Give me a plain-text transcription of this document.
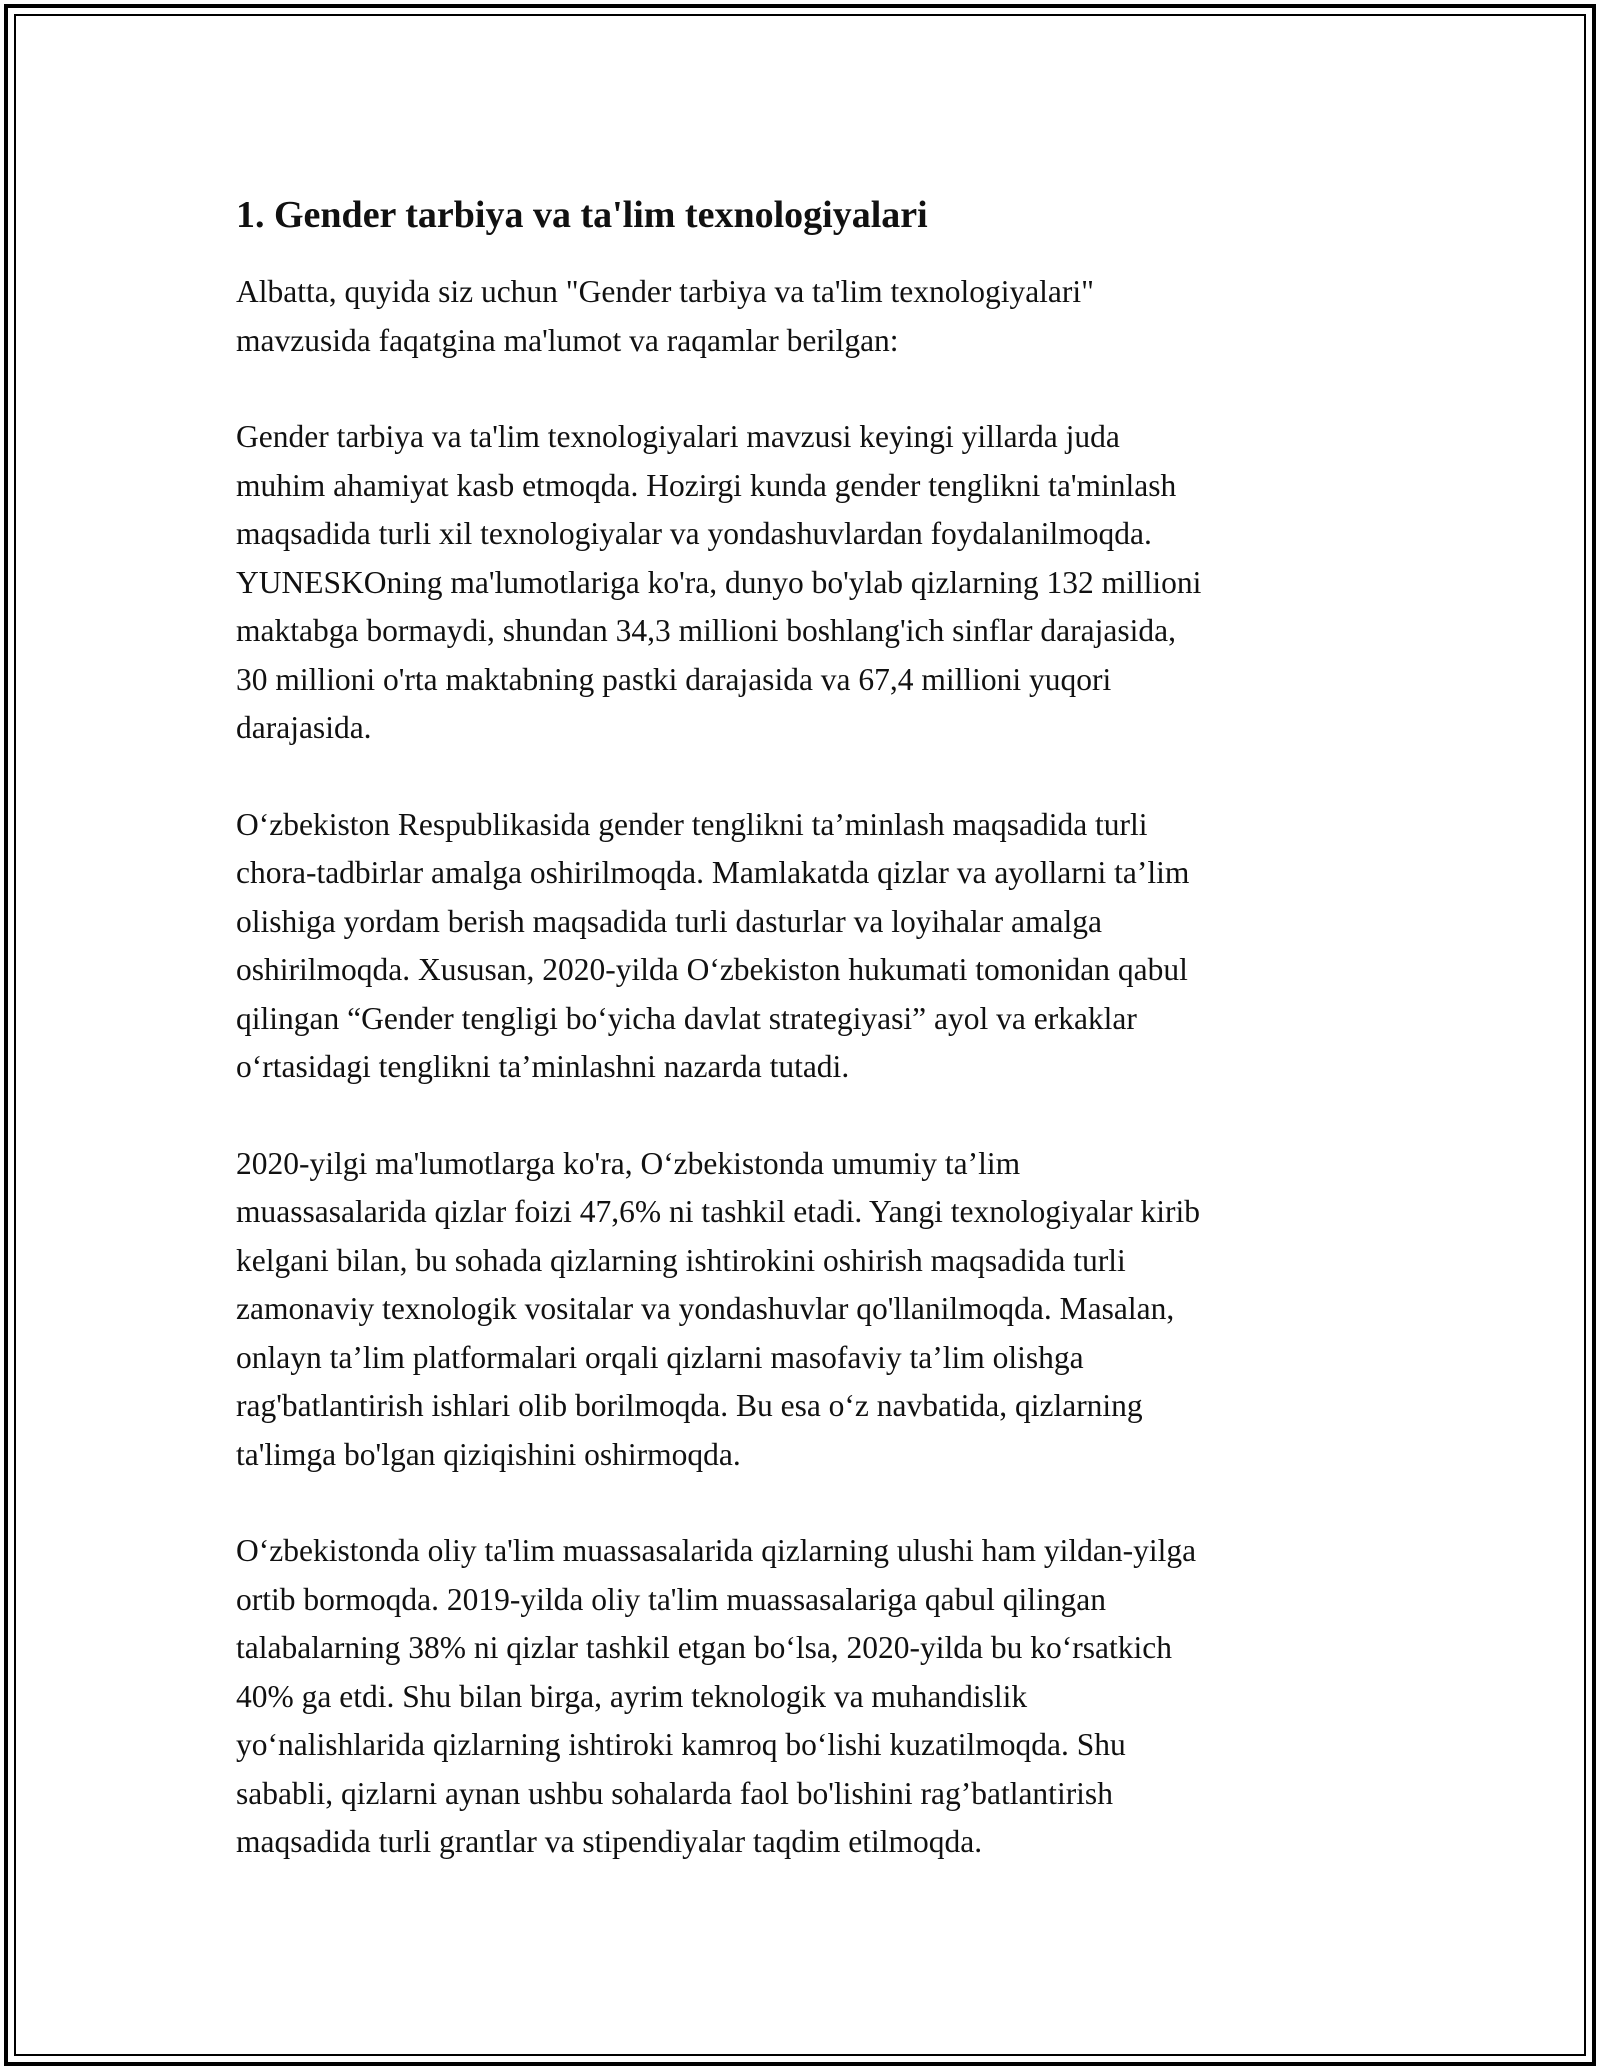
1. Gender tarbiya va ta'lim texnologiyalari

Albatta, quyida siz uchun "Gender tarbiya va ta'lim texnologiyalari"
mavzusida faqatgina ma'lumot va raqamlar berilgan:

Gender tarbiya va ta'lim texnologiyalari mavzusi keyingi yillarda juda
muhim ahamiyat kasb etmoqda. Hozirgi kunda gender tenglikni ta'minlash
maqsadida turli xil texnologiyalar va yondashuvlardan foydalanilmoqda.
YUNESKOning ma'lumotlariga ko'ra, dunyo bo'ylab qizlarning 132 millioni
maktabga bormaydi, shundan 34,3 millioni boshlang'ich sinflar darajasida,
30 millioni o'rta maktabning pastki darajasida va 67,4 millioni yuqori
darajasida.

O‘zbekiston Respublikasida gender tenglikni ta’minlash maqsadida turli
chora-tadbirlar amalga oshirilmoqda. Mamlakatda qizlar va ayollarni ta’lim
olishiga yordam berish maqsadida turli dasturlar va loyihalar amalga
oshirilmoqda. Xususan, 2020-yilda O‘zbekiston hukumati tomonidan qabul
qilingan “Gender tengligi bo‘yicha davlat strategiyasi” ayol va erkaklar
o‘rtasidagi tenglikni ta’minlashni nazarda tutadi.

2020-yilgi ma'lumotlarga ko'ra, O‘zbekistonda umumiy ta’lim
muassasalarida qizlar foizi 47,6% ni tashkil etadi. Yangi texnologiyalar kirib
kelgani bilan, bu sohada qizlarning ishtirokini oshirish maqsadida turli
zamonaviy texnologik vositalar va yondashuvlar qo'llanilmoqda. Masalan,
onlayn ta’lim platformalari orqali qizlarni masofaviy ta’lim olishga
rag'batlantirish ishlari olib borilmoqda. Bu esa o‘z navbatida, qizlarning
ta'limga bo'lgan qiziqishini oshirmoqda.

O‘zbekistonda oliy ta'lim muassasalarida qizlarning ulushi ham yildan-yilga
ortib bormoqda. 2019-yilda oliy ta'lim muassasalariga qabul qilingan
talabalarning 38% ni qizlar tashkil etgan bo‘lsa, 2020-yilda bu ko‘rsatkich
40% ga etdi. Shu bilan birga, ayrim teknologik va muhandislik
yo‘nalishlarida qizlarning ishtiroki kamroq bo‘lishi kuzatilmoqda. Shu
sababli, qizlarni aynan ushbu sohalarda faol bo'lishini rag’batlantirish
maqsadida turli grantlar va stipendiyalar taqdim etilmoqda.
